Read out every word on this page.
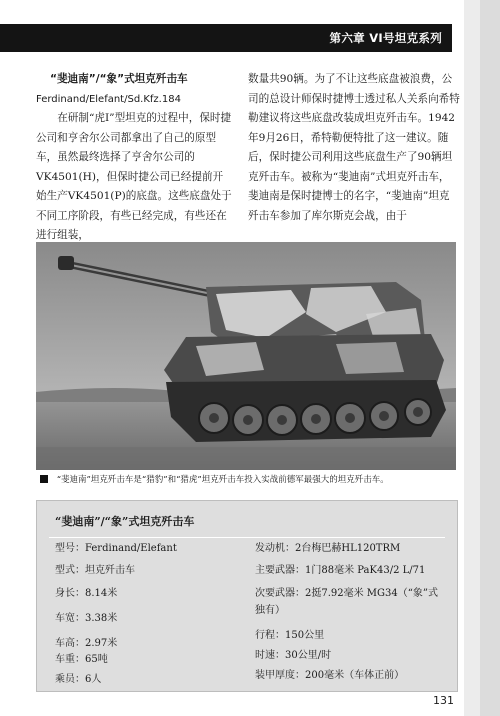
第六章 VI号坦克系列

“斐迪南”/“象”式坦克歼击车

Ferdinand/Elefant/Sd.Kfz.184

在研制“虎Ⅰ”型坦克的过程中，保时捷公司和亨舍尔公司都拿出了自己的原型车，虽然最终选择了亨舍尔公司的VK4501(H)，但保时捷公司已经提前开始生产VK4501(P)的底盘。这些底盘处于不同工序阶段，有些已经完成，有些还在进行组装，

数量共90辆。为了不让这些底盘被浪费，公司的总设计师保时捷博士透过私人关系向希特勒建议将这些底盘改装成坦克歼击车。1942年9月26日，希特勒便特批了这一建议。随后，保时捷公司利用这些底盘生产了90辆坦克歼击车。被称为“斐迪南”式坦克歼击车，斐迪南是保时捷博士的名字，“斐迪南”坦克歼击车参加了库尔斯克会战，由于

“斐迪南”坦克歼击车是“猎豹”和“猎虎”坦克歼击车投入实战前德军最强大的坦克歼击车。
“斐迪南”/“象”式坦克歼击车
型号：Ferdinand/Elefant
型式：坦克歼击车
身长：8.14米
车宽：3.38米
车高：2.97米
车重：65吨
乘员：6人
发动机：2台梅巴赫HL120TRM
主要武器：1门88毫米 PaK43/2 L/71
次要武器：2挺7.92毫米 MG34（“象”式
独有）
行程：150公里
时速：30公里/时
装甲厚度：200毫米（车体正前）
131
